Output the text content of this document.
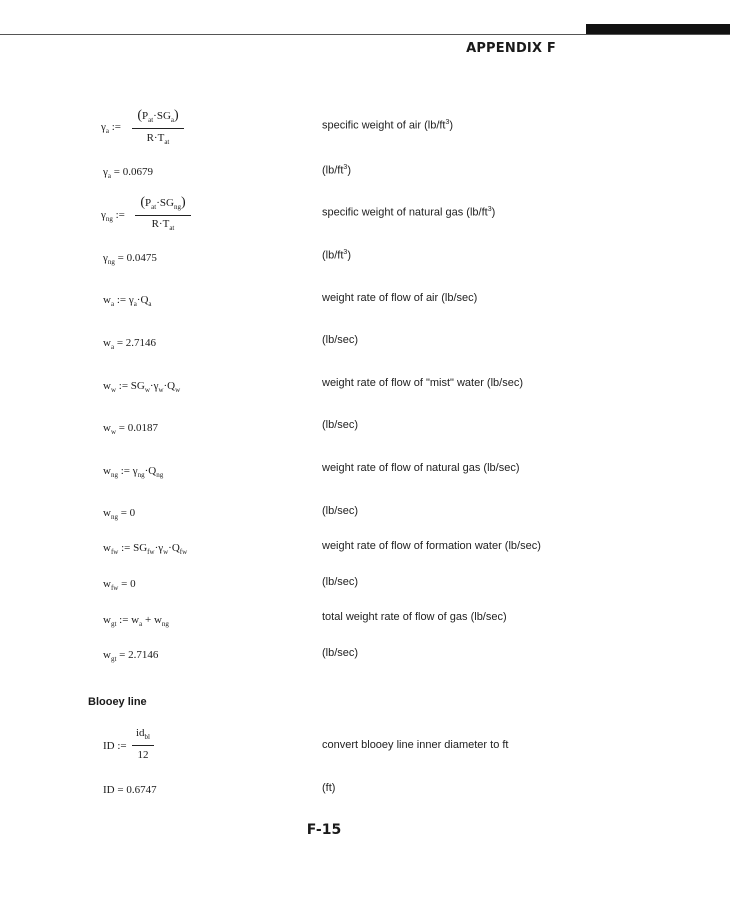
APPENDIX F
$\gamma_a$ :=
$(P_{at}\cdot SG_a)$
$R\cdot T_{at}$
specific weight of air $(lb/ft^3)$
$\gamma_a = 0.0679$	$(lb/ft^3)$
$\gamma_{ng}$ :=
$(P_{at}\cdot SG_{ng})$
$R\cdot T_{at}$
specific weight of natural gas $(lb/ft^3)$
$\gamma_{ng} = 0.0475$	$(lb/ft^3)$
$w_a$ := $\gamma_a\cdot Q_a$	weight rate of flow of air (lb/sec)
$w_a = 2.7146$	(lb/sec)
$w_w$ := $SG_w\cdot\gamma_w\cdot Q_w$
weight rate of flow of "mist" water (lb/sec)
$w_w = 0.0187$	(lb/sec)
$w_{ng}$ := $\gamma_{ng}\cdot Q_{ng}$
weight rate of flow of natural gas (lb/sec)
$w_{ng} = 0$	(lb/sec)
$w_{fw}$ := $SG_{fw}\cdot\gamma_w\cdot Q_{fw}$	weight rate of flow of formation water (lb/sec)
$w_{fw} = 0$	(lb/sec)
$w_{gt}$ := $w_a + w_{ng}$
total weight rate of flow of gas (lb/sec)
$w_{gt} = 2.7146$	(lb/sec)
Blooey line
ID :=
$id_{bl}$
12
convert blooey line inner diameter to ft
ID = 0.6747	(ft)
F-15
